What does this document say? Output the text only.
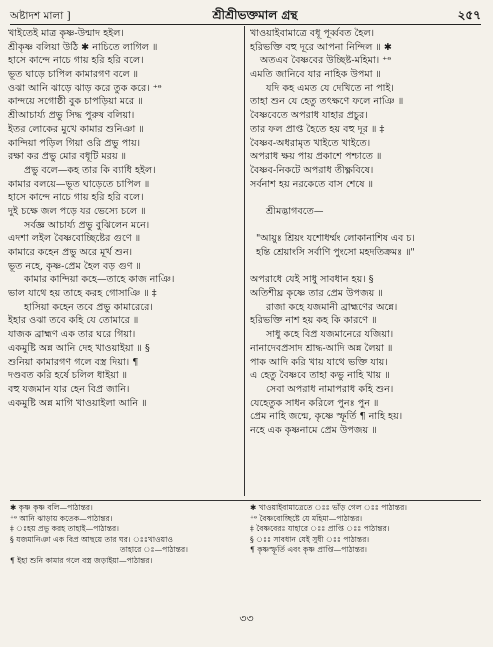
অষ্টাদশ মালা ]	শ্রীশ্রীভক্তমাল গ্রন্থ	২৫৭
খাইতেই মাত্র কৃষ্ণ-উন্মাদ হইল।
শ্রীকৃষ্ণ বলিয়া উঠি ✱ নাচিতে লাগিল ॥
হাসে কান্দে নাচে গায় হরি হরি বলে।
ভূত ঘাড়ে চাপিল কামারগণ বলে ॥
ওঝা আনি ঝাড়ে ঝাড় করে তুক করে। ⁺ᶱ
কান্দয়ে সগোষ্ঠী বুক চাপড়িয়া মরে ॥
শ্রীআচার্য্য প্রভু সিদ্ধ পুরুষ বলিয়া।
ইতর লোকের মুখে কামার শুনিঞা ॥
কান্দিয়া পড়িল গিয়া ওরি প্রভু পায়।
রক্ষা কর প্রভু মোর বধূটি মরয় ॥
প্রভু বলে—কহ তার কি ব্যাধি হইল।
কামার বলয়ে—ভূত ঘাড়েতে চাপিল ॥
হাসে কান্দে নাচে গায় হরি হরি বলে।
দুই চক্ষে জল পড়ে যর ভেস্যে চলে ॥
সর্বজ্ঞ আচার্য্য প্রভু বুঝিলেন মনে।
এদশা লইল বৈষ্ণবোচ্ছিষ্টের গুণে ॥
কামারে কহেন প্রভু অরে মূর্খ শুন।
ভূত নহে, কৃষ্ণ-প্রেম হৈল বড় গুণ ॥
কামার কান্দিয়া কহে—তাহে কাজ নাঞি।
ভাল যাথে হয় তাহে করহ গোসাঞি ॥ ‡
হাসিয়া কহেন তবে প্রভু কামারেরে।
ইহার ওঝা তবে কহি যে তোমারে ॥
যাজক ব্রাহ্মণ এক তার ঘরে গিয়া।
একমুষ্টি অন্ন আনি দেহ খাওয়াইয়া ॥ §
শুনিয়া কামারগণ গলে বস্ত্র দিয়া। ¶
দণ্ডবত করি হর্ষে চলিল ধাইয়া ॥
বহু যজমান যার হেন বিপ্র জানি।
একমুষ্টি অন্ন মাগি খাওয়াইলা আনি ॥
খাওয়াইবামাত্রে বধূ পূর্ব্ববত হৈল।
হরিভক্তি বহু দূরে আপনা নিন্দিল ॥ ✱
অতএব বৈষ্ণবের উচ্ছিষ্ট-মহিমা। ⁺ᶱ
এমতি জানিবে যার নাহিক উপমা ॥
যদি কহ এমত যে দেখিতে না পাই।
তাহা শুন যে হেতু তৎক্ষণে ফলে নাঞি ॥
বৈষ্ণবেতে অপরাধ যাহার প্রচুর।
তার ফল প্রাপ্ত হৈতে হয় বহু দূর ॥ ‡
বৈষ্ণব-অধরামৃত খাইতে খাইতে।
অপরাধ ক্ষয় পায় প্রকাশে পশ্চাতে ॥
বৈষ্ণব-নিকটে অপরাধ তীক্ষ্ণবিষে।
সর্বনাশ হয় নরকেতে বাস শেষে ॥
শ্রীমদ্ভাগবতে—
"আয়ুঃ শ্রিয়ং যশোধর্ম্মং লোকানাশিষ এব চ।
হন্তি শ্রেয়াংসি সর্বাণি পুংসো মহদতিক্রমঃ ॥"
অপরাধে যেই সাধু সাবধান হয়। §
অতিশীঘ্র কৃষ্ণে তার প্রেম উপজয় ॥
রাজা কহে যজমানী ব্রাহ্মণের অন্নে।
হরিভক্তি নাশ হয় কহ কি কারণে ॥
সাধু কহে বিপ্র যজমানেরে যজিয়া।
নানাদেবপ্রসাদ শ্রাদ্ধ-আদি অন্ন লৈয়া ॥
পাক আদি করি খায় যাথে ভক্তি যায়।
এ হেতু বৈষ্ণবে তাহা কভু নাহি খায় ॥
সেবা অপরাধ নামাপরাধ কহি শুন।
যেহেতুক সাধন করিলে পুনঃ পুন ॥
প্রেম নাহি জন্মে, কৃষ্ণে স্ফূর্তি ¶ নাহি হয়।
নহে এক কৃষ্ণনামে প্রেম উপজয় ॥
✱ কৃষ্ণ কৃষ্ণ বলি—পাঠান্তর।
⁺ᶱ আনি ঝাড়ায় কতেক—পাঠান্তর।
‡ ঃহয় প্রভু করহ তাহাই—পাঠান্তর।
§ যজমানিঞা এক বিপ্র আছয়ে তার ঘর। ঃঃখাওয়াও
তাহারে ঃ—পাঠান্তর।
¶ ইহা শুনি কামার গলে বস্ত্র জড়াইয়া—পাঠান্তর।
✱ খাওয়াইবামাত্রেতে ঃঃ ভাঁড় গেল ঃঃ পাঠান্তর।
⁺ᶱ বৈষ্ণবোচ্ছিষ্টে যে মহিমা—পাঠান্তর।
‡ বৈষ্ণবেরঃ যাহারে ঃঃ প্রাপ্তি ঃঃ পাঠান্তর।
§ ঃঃ সাবধান যেই সুধী ঃঃ পাঠান্তর।
¶ কৃষ্ণস্ফূর্তি এবং কৃষ্ণ প্রাপ্তি—পাঠান্তর।
৩৩
